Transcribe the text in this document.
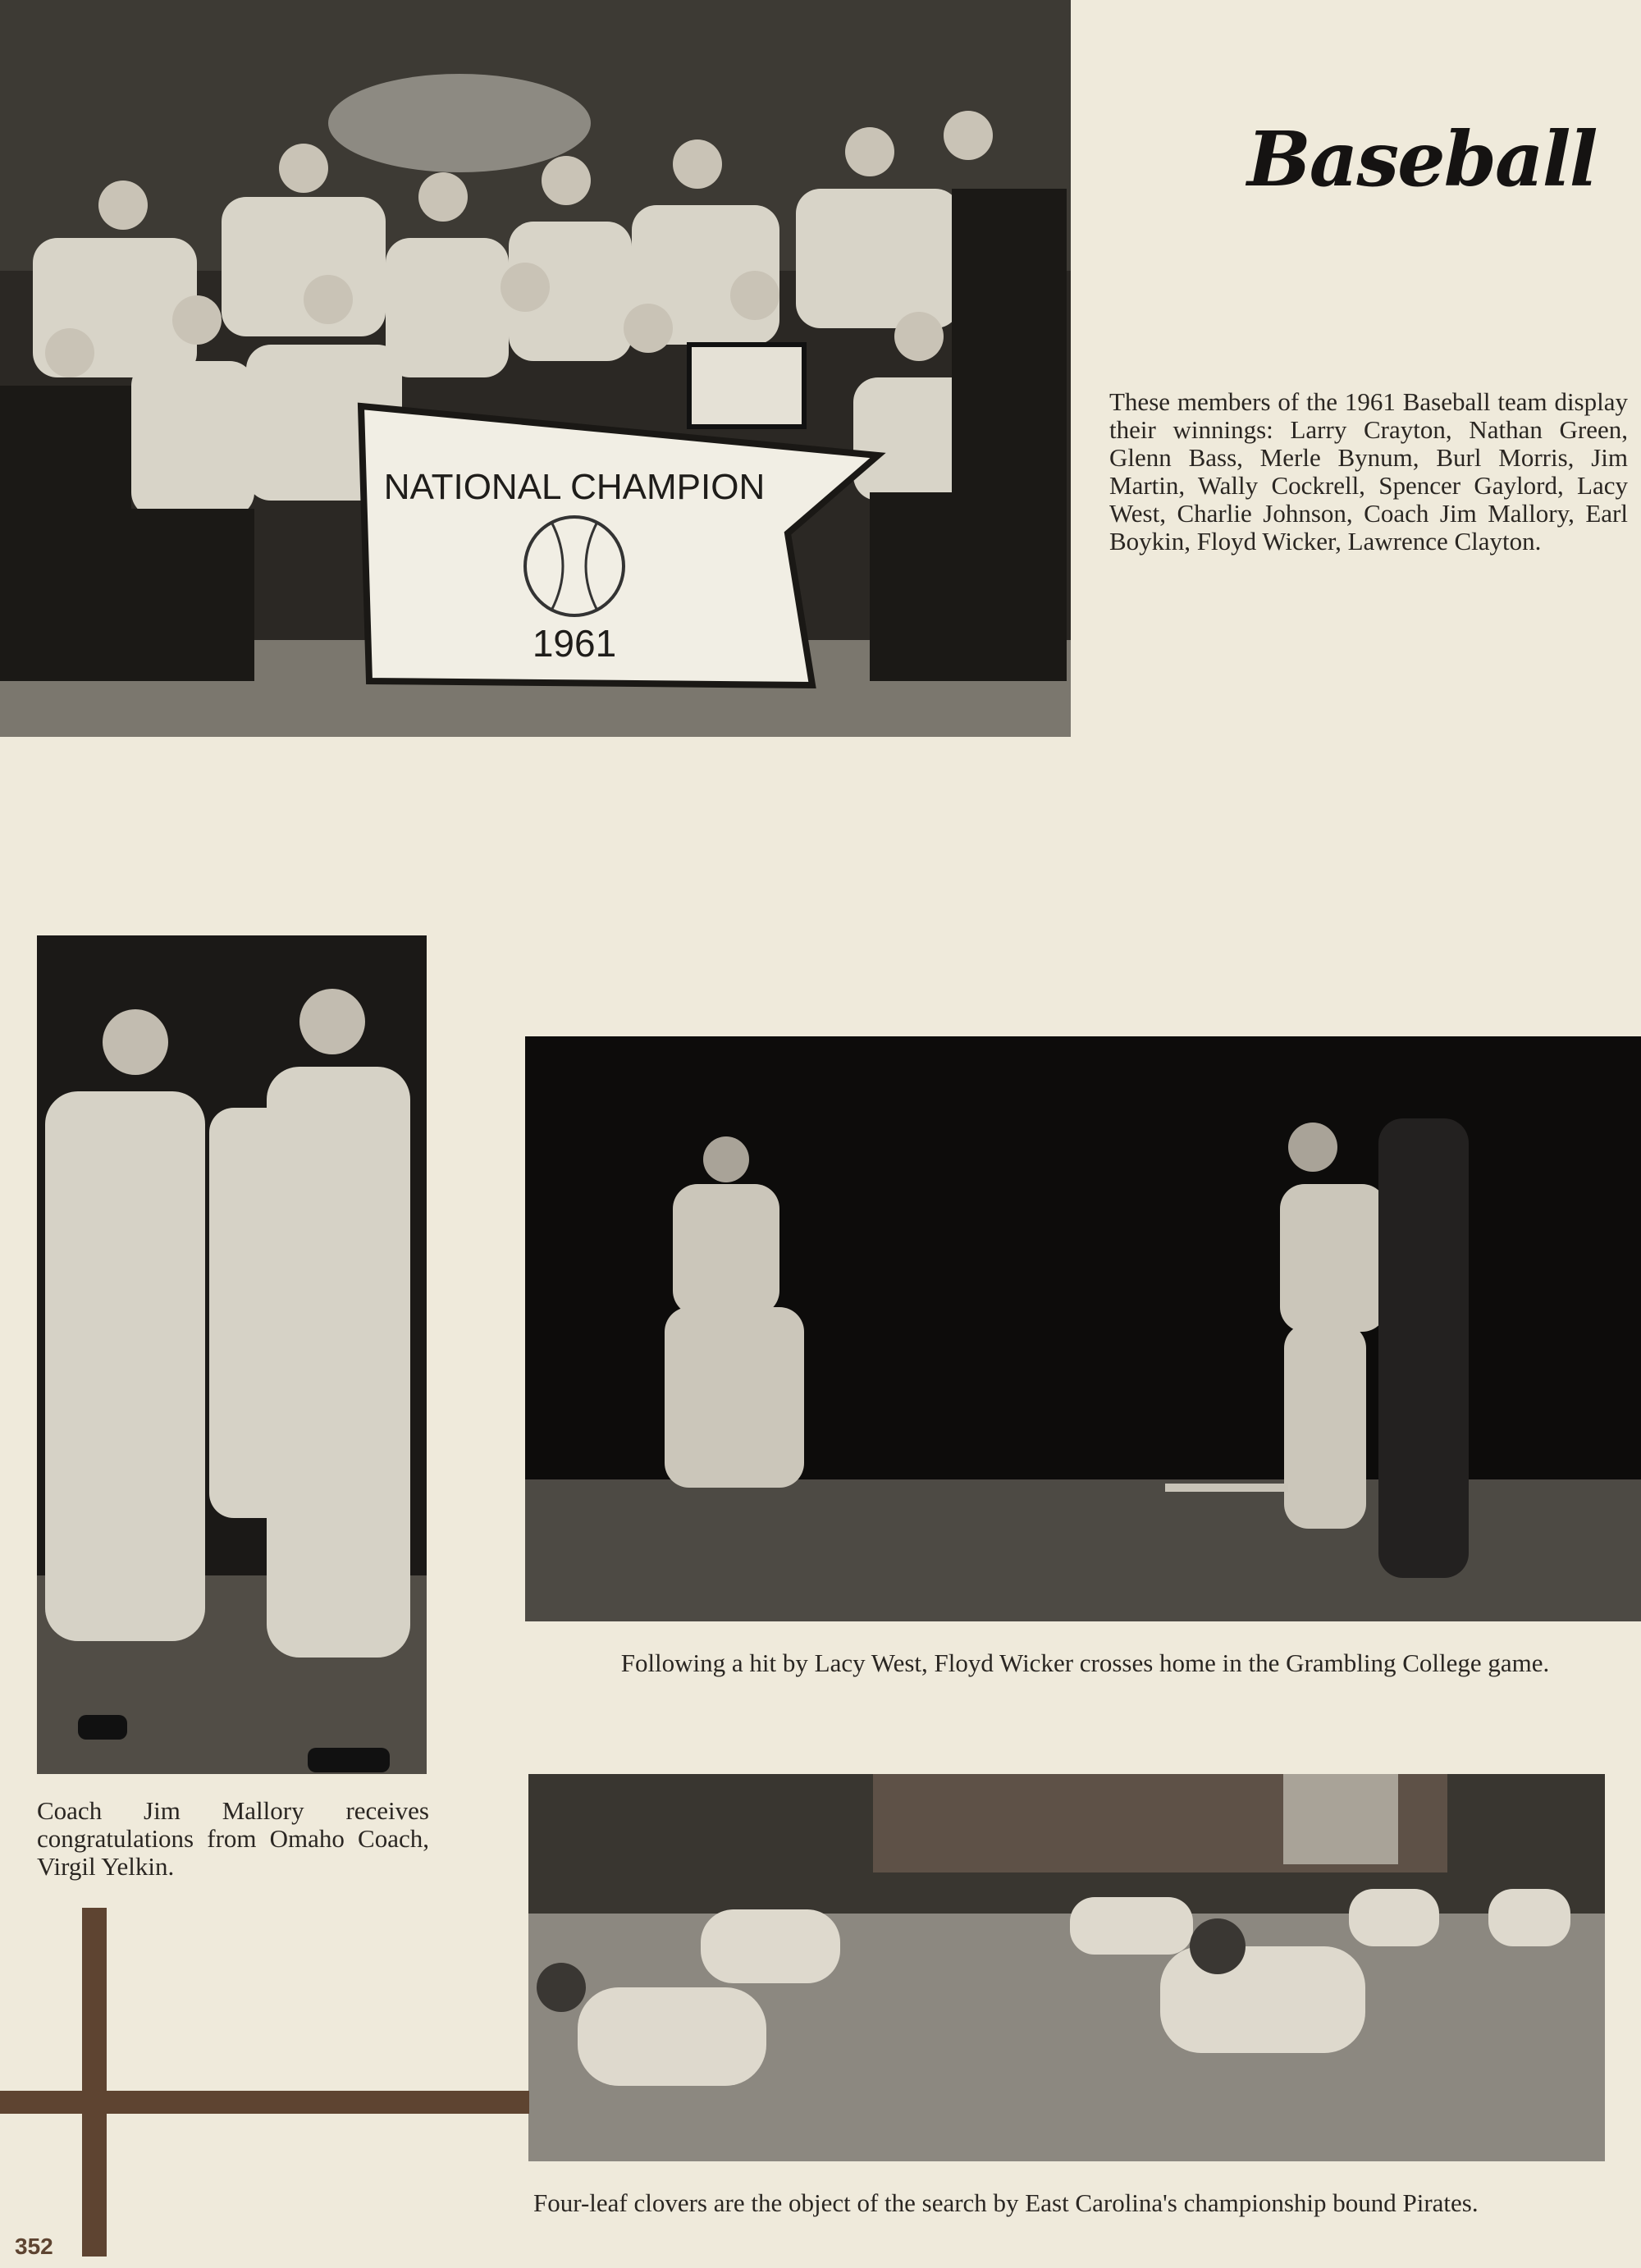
NATIONAL CHAMPION
1961
Baseball
These members of the 1961 Baseball team display their winnings: Larry Crayton, Nathan Green, Glenn Bass, Merle Bynum, Burl Morris, Jim Martin, Wally Cockrell, Spencer Gaylord, Lacy West, Charlie Johnson, Coach Jim Mallory, Earl Boykin, Floyd Wicker, Lawrence Clayton.
Coach Jim Mallory receives congratulations from Omaho Coach, Virgil Yelkin.
Following a hit by Lacy West, Floyd Wicker crosses home in the Grambling College game.
Four-leaf clovers are the object of the search by East Carolina's championship bound Pirates.
352
